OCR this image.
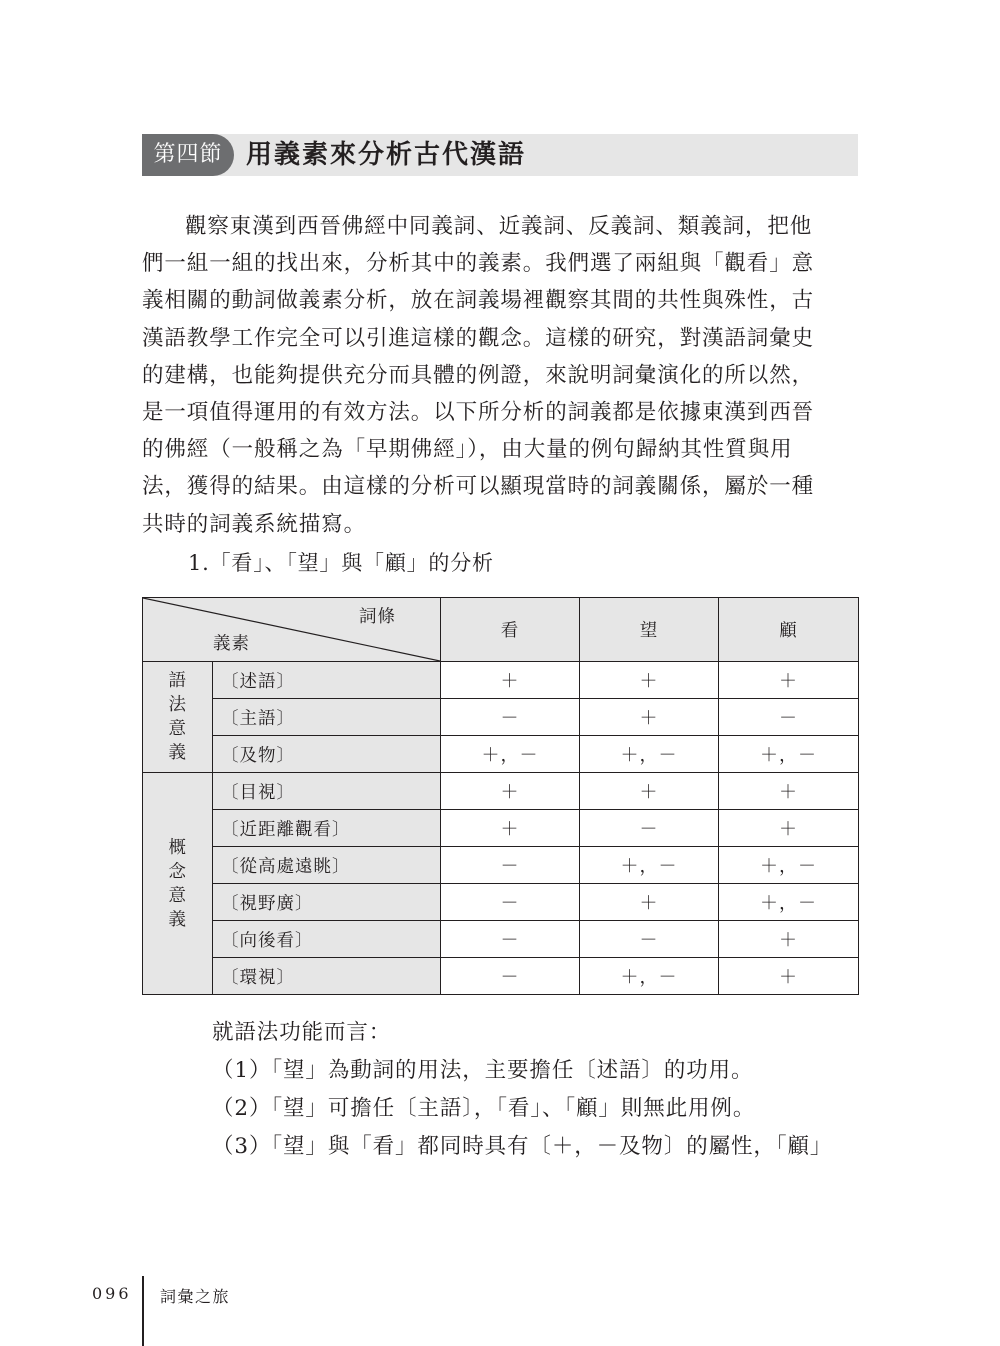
第四節 用義素來分析古代漢語

觀察東漢到西晉佛經中同義詞、近義詞、反義詞、類義詞，把他

們一組一組的找出來，分析其中的義素。我們選了兩組與「觀看」意

義相關的動詞做義素分析，放在詞義場裡觀察其間的共性與殊性，古

漢語教學工作完全可以引進這樣的觀念。這樣的研究，對漢語詞彙史

的建構，也能夠提供充分而具體的例證，來說明詞彙演化的所以然，

是一項值得運用的有效方法。以下所分析的詞義都是依據東漢到西晉

的佛經（一般稱之為「早期佛經」），由大量的例句歸納其性質與用

法，獲得的結果。由這樣的分析可以顯現當時的詞義關係，屬於一種

共時的詞義系統描寫。

1.「看」、「望」與「顧」的分析
詞條
義素		看	望	顧

語法意義	〔述語〕	＋	＋	＋
	〔主語〕	－	＋	－
	〔及物〕	＋，－	＋，－	＋，－

概念意義	〔目視〕	＋	＋	＋
	〔近距離觀看〕	＋	－	＋
	〔從高處遠眺〕	－	＋，－	＋，－
	〔視野廣〕	－	＋	＋，－
	〔向後看〕	－	－	＋
	〔環視〕	－	＋，－	＋

就語法功能而言：

（1）「望」為動詞的用法，主要擔任〔述語〕的功用。

（2）「望」可擔任〔主語〕，「看」、「顧」則無此用例。

（3）「望」與「看」都同時具有〔＋，－及物〕的屬性，「顧」

096 詞彙之旅
